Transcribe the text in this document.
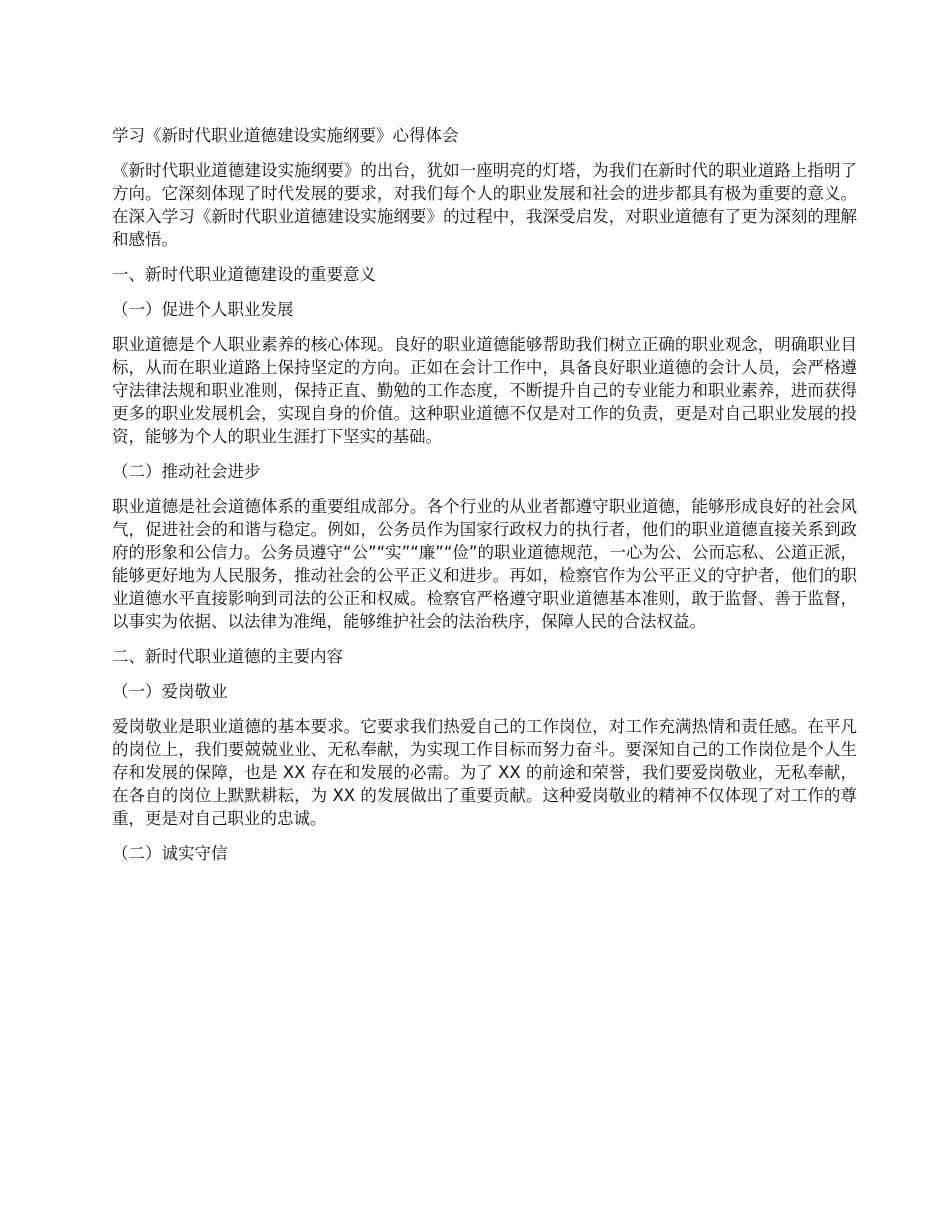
学习《新时代职业道德建设实施纲要》心得体会

《新时代职业道德建设实施纲要》的出台，犹如一座明亮的灯塔，为我们在新时代的职业道路上指明了方向。它深刻体现了时代发展的要求，对我们每个人的职业发展和社会的进步都具有极为重要的意义。在深入学习《新时代职业道德建设实施纲要》的过程中，我深受启发，对职业道德有了更为深刻的理解和感悟。

一、新时代职业道德建设的重要意义
（一）促进个人职业发展

职业道德是个人职业素养的核心体现。良好的职业道德能够帮助我们树立正确的职业观念，明确职业目标，从而在职业道路上保持坚定的方向。正如在会计工作中，具备良好职业道德的会计人员，会严格遵守法律法规和职业准则，保持正直、勤勉的工作态度，不断提升自己的专业能力和职业素养，进而获得更多的职业发展机会，实现自身的价值。这种职业道德不仅是对工作的负责，更是对自己职业发展的投资，能够为个人的职业生涯打下坚实的基础。

（二）推动社会进步

职业道德是社会道德体系的重要组成部分。各个行业的从业者都遵守职业道德，能够形成良好的社会风气，促进社会的和谐与稳定。例如，公务员作为国家行政权力的执行者，他们的职业道德直接关系到政府的形象和公信力。公务员遵守“公”“实”“廉”“俭”的职业道德规范，一心为公、公而忘私、公道正派，能够更好地为人民服务，推动社会的公平正义和进步。再如，检察官作为公平正义的守护者，他们的职业道德水平直接影响到司法的公正和权威。检察官严格遵守职业道德基本准则，敢于监督、善于监督，以事实为依据、以法律为准绳，能够维护社会的法治秩序，保障人民的合法权益。

二、新时代职业道德的主要内容
（一）爱岗敬业

爱岗敬业是职业道德的基本要求。它要求我们热爱自己的工作岗位，对工作充满热情和责任感。在平凡的岗位上，我们要兢兢业业、无私奉献，为实现工作目标而努力奋斗。要深知自己的工作岗位是个人生存和发展的保障，也是 XX 存在和发展的必需。为了 XX 的前途和荣誉，我们要爱岗敬业，无私奉献，在各自的岗位上默默耕耘，为 XX 的发展做出了重要贡献。这种爱岗敬业的精神不仅体现了对工作的尊重，更是对自己职业的忠诚。

（二）诚实守信
